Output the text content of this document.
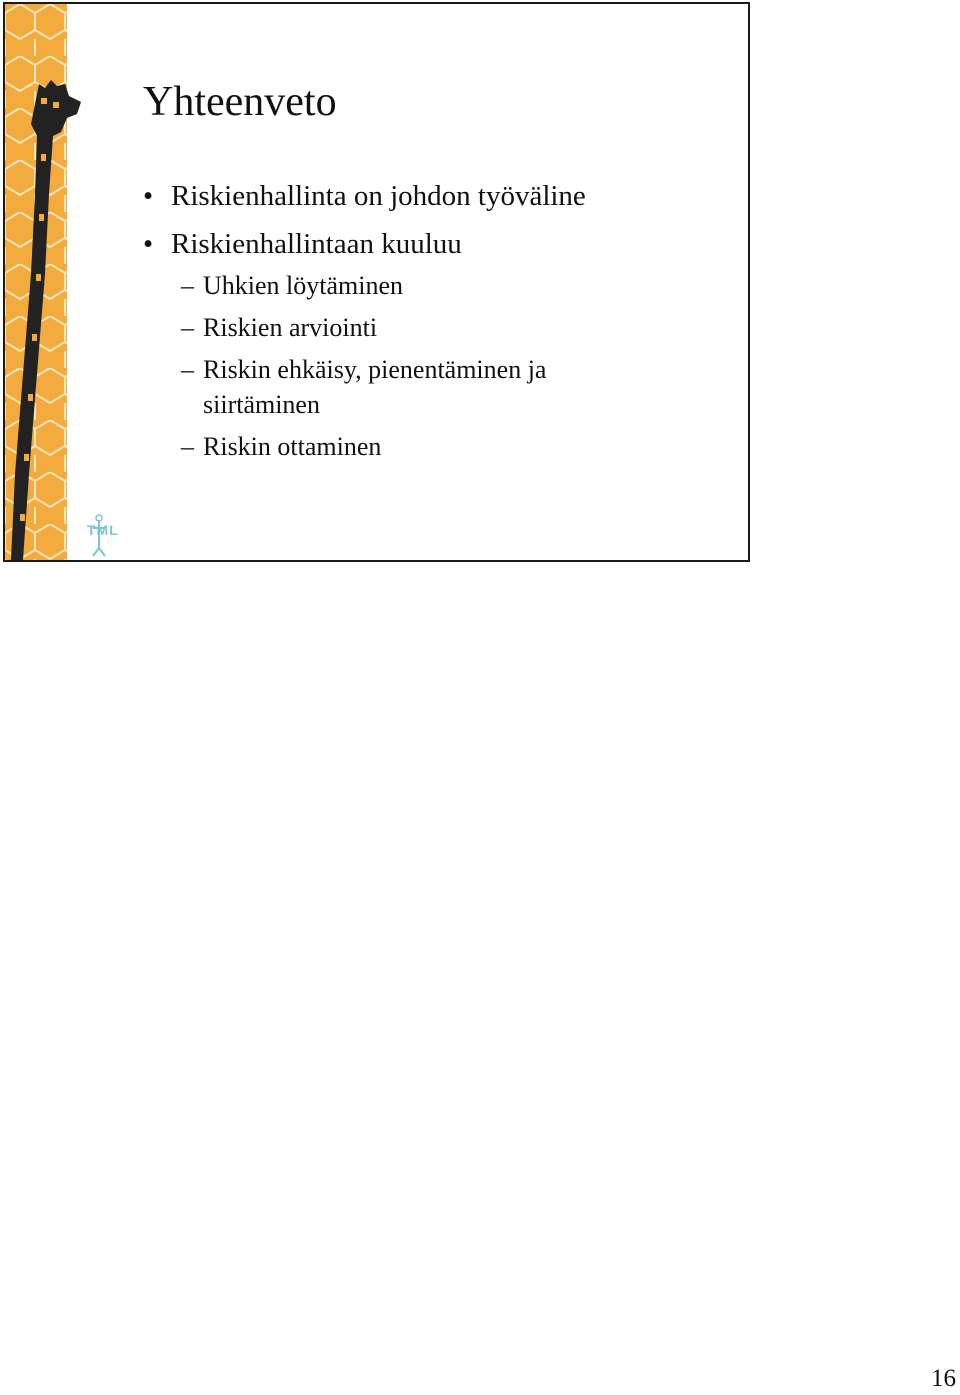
TML
Yhteenveto
• Riskienhallinta on johdon työväline
• Riskienhallintaan kuuluu
– Uhkien löytäminen
– Riskien arviointi
– Riskin ehkäisy, pienentäminen ja siirtäminen
– Riskin ottaminen
16
